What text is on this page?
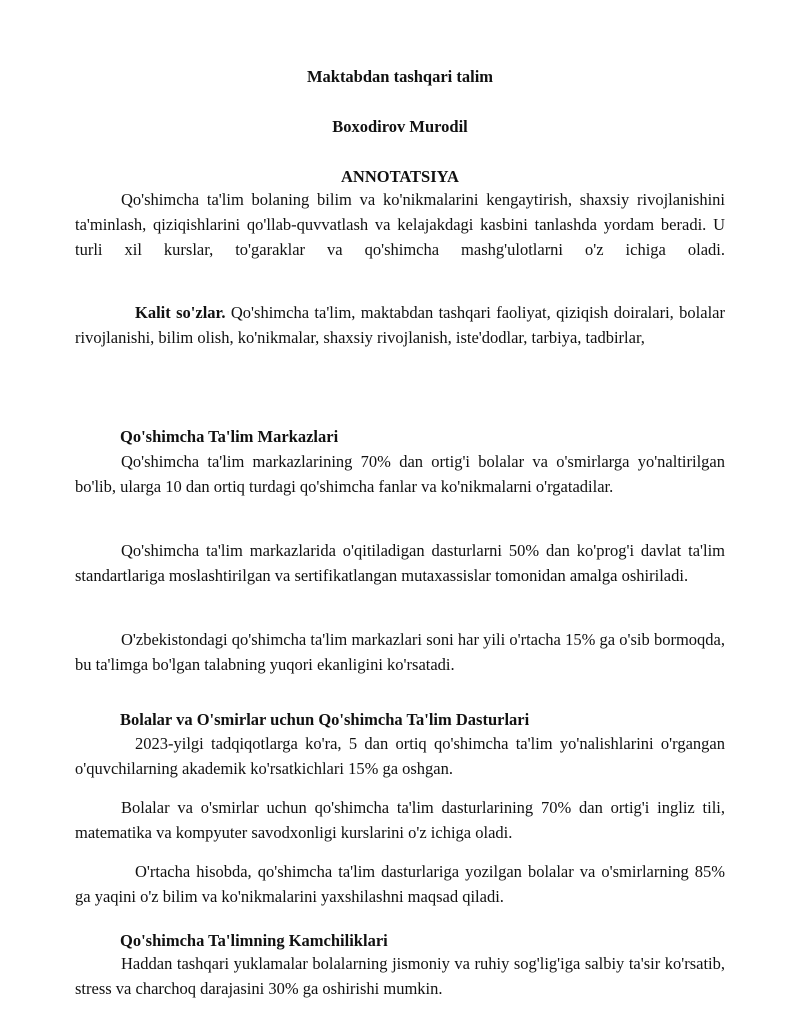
Maktabdan tashqari talim
Boxodirov Murodil
ANNOTATSIYA

Qo'shimcha ta'lim bolaning bilim va ko'nikmalarini kengaytirish, shaxsiy rivojlanishini ta'minlash, qiziqishlarini qo'llab-quvvatlash va kelajakdagi kasbini tanlashda yordam beradi. U turli xil kurslar, to'garaklar va qo'shimcha mashg'ulotlarni o'z ichiga oladi.

Kalit so'zlar. Qo'shimcha ta'lim, maktabdan tashqari faoliyat, qiziqish doiralari, bolalar rivojlanishi, bilim olish, ko'nikmalar, shaxsiy rivojlanish, iste'dodlar, tarbiya, tadbirlar,

Qo'shimcha Ta'lim Markazlari

Qo'shimcha ta'lim markazlarining 70% dan ortig'i bolalar va o'smirlarga yo'naltirilgan bo'lib, ularga 10 dan ortiq turdagi qo'shimcha fanlar va ko'nikmalarni o'rgatadilar.

Qo'shimcha ta'lim markazlarida o'qitiladigan dasturlarni 50% dan ko'prog'i davlat ta'lim standartlariga moslashtirilgan va sertifikatlangan mutaxassislar tomonidan amalga oshiriladi.

O'zbekistondagi qo'shimcha ta'lim markazlari soni har yili o'rtacha 15% ga o'sib bormoqda, bu ta'limga bo'lgan talabning yuqori ekanligini ko'rsatadi.

Bolalar va O'smirlar uchun Qo'shimcha Ta'lim Dasturlari

2023-yilgi tadqiqotlarga ko'ra, 5 dan ortiq qo'shimcha ta'lim yo'nalishlarini o'rgangan o'quvchilarning akademik ko'rsatkichlari 15% ga oshgan.

Bolalar va o'smirlar uchun qo'shimcha ta'lim dasturlarining 70% dan ortig'i ingliz tili, matematika va kompyuter savodxonligi kurslarini o'z ichiga oladi.

O'rtacha hisobda, qo'shimcha ta'lim dasturlariga yozilgan bolalar va o'smirlarning 85% ga yaqini o'z bilim va ko'nikmalarini yaxshilashni maqsad qiladi.

Qo'shimcha Ta'limning Kamchiliklari

Haddan tashqari yuklamalar bolalarning jismoniy va ruhiy sog'lig'iga salbiy ta'sir ko'rsatib, stress va charchoq darajasini 30% ga oshirishi mumkin.
